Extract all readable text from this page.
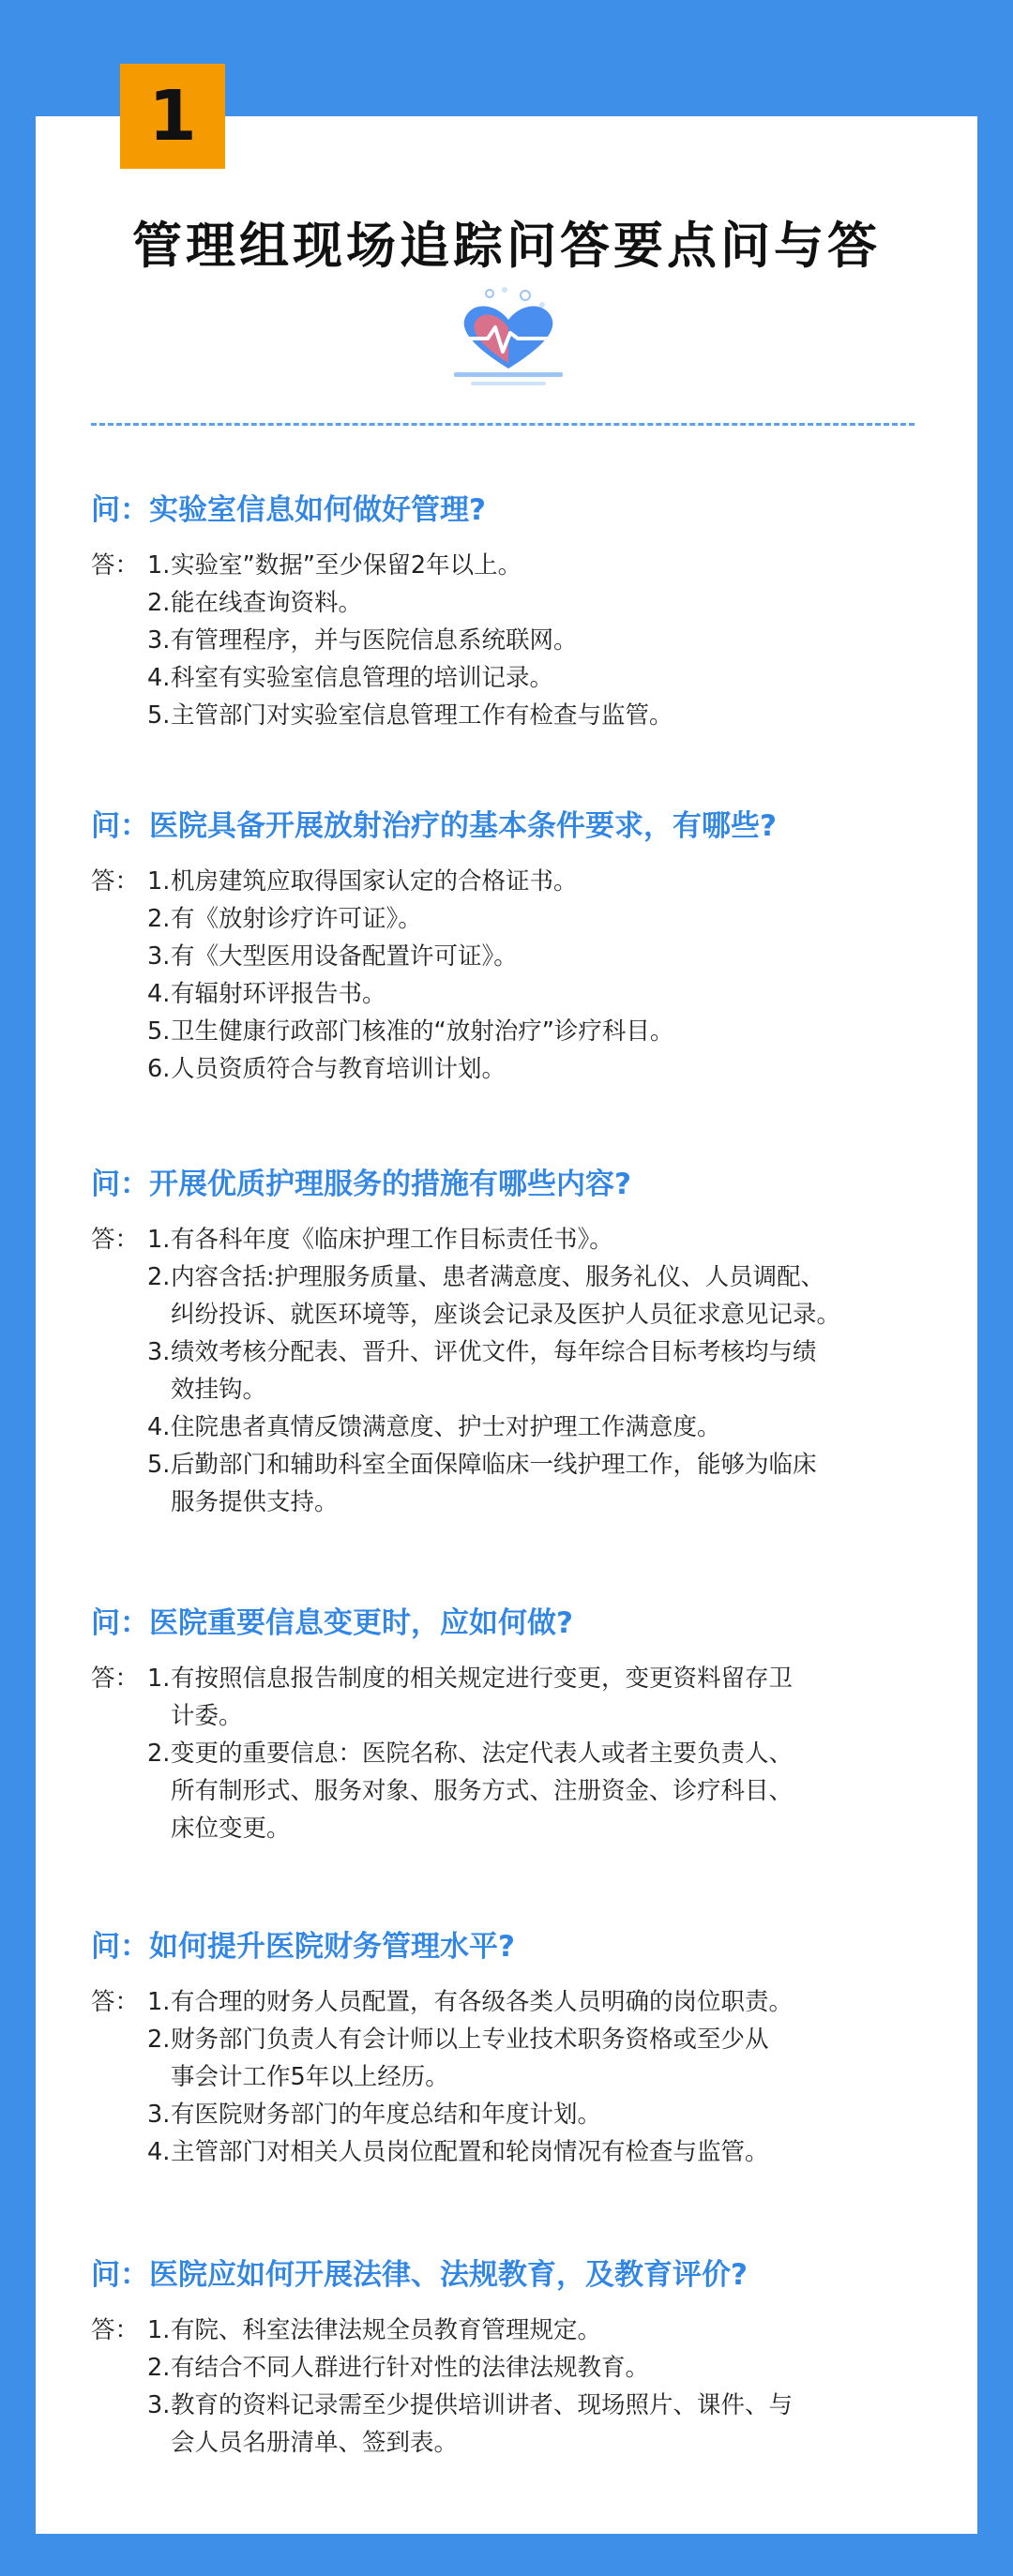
1
管理组现场追踪问答要点问与答
问：实验室信息如何做好管理?
答： 1. 实验室”数据”至少保留2年以上。
2. 能在线查询资料。
3. 有管理程序，并与医院信息系统联网。
4. 科室有实验室信息管理的培训记录。
5. 主管部门对实验室信息管理工作有检查与监管。
问：医院具备开展放射治疗的基本条件要求，有哪些?
答： 1. 机房建筑应取得国家认定的合格证书。
2. 有《放射诊疗许可证》。
3. 有《大型医用设备配置许可证》。
4. 有辐射环评报告书。
5. 卫生健康行政部门核准的“放射治疗”诊疗科目。
6. 人员资质符合与教育培训计划。
问：开展优质护理服务的措施有哪些内容?
答： 1. 有各科年度《临床护理工作目标责任书》。
2. 内容含括:护理服务质量、患者满意度、服务礼仪、人员调配、
纠纷投诉、就医环境等，座谈会记录及医护人员征求意见记录。
3. 绩效考核分配表、晋升、评优文件，每年综合目标考核均与绩
效挂钩。
4. 住院患者真情反馈满意度、护士对护理工作满意度。
5. 后勤部门和辅助科室全面保障临床一线护理工作，能够为临床
服务提供支持。
问：医院重要信息变更时，应如何做?
答： 1. 有按照信息报告制度的相关规定进行变更，变更资料留存卫
计委。
2. 变更的重要信息：医院名称、法定代表人或者主要负责人、
所有制形式、服务对象、服务方式、注册资金、诊疗科目、
床位变更。
问：如何提升医院财务管理水平?
答： 1. 有合理的财务人员配置，有各级各类人员明确的岗位职责。
2. 财务部门负责人有会计师以上专业技术职务资格或至少从
事会计工作5年以上经历。
3. 有医院财务部门的年度总结和年度计划。
4. 主管部门对相关人员岗位配置和轮岗情况有检查与监管。
问：医院应如何开展法律、法规教育，及教育评价?
答： 1. 有院、科室法律法规全员教育管理规定。
2. 有结合不同人群进行针对性的法律法规教育。
3. 教育的资料记录需至少提供培训讲者、现场照片、课件、与
会人员名册清单、签到表。
